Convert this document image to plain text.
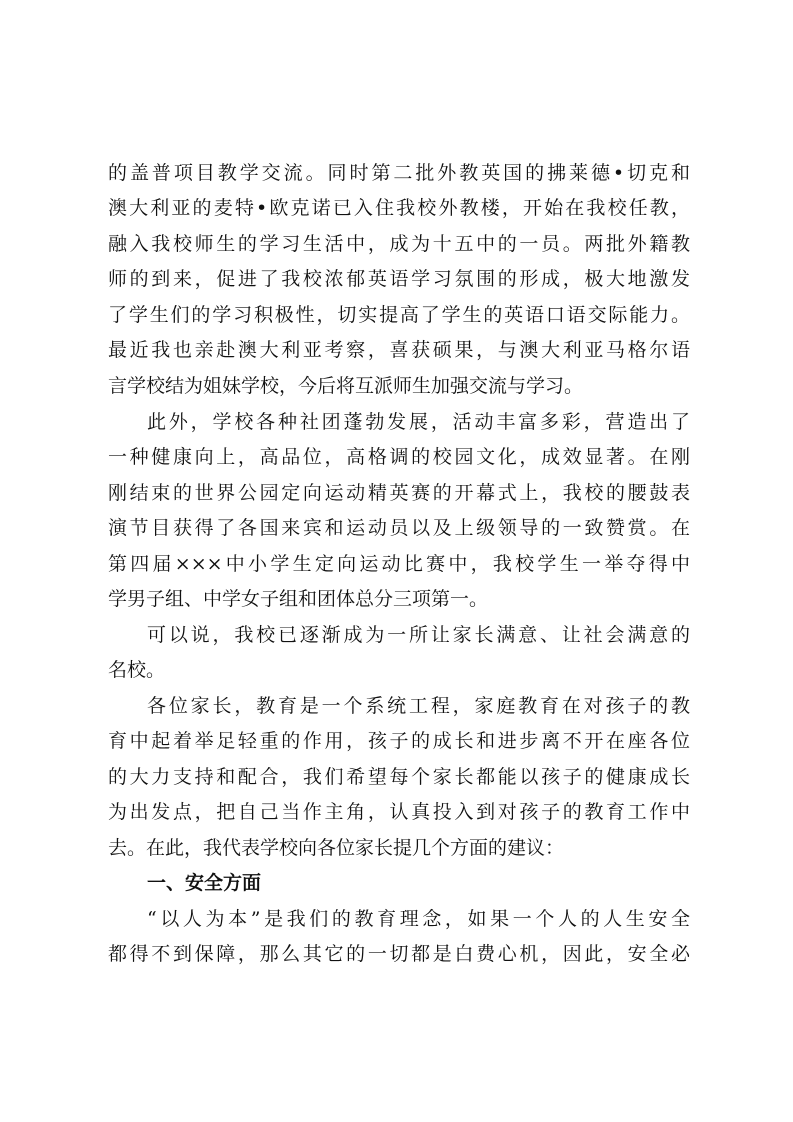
的盖普项目教学交流。同时第二批外教英国的拂莱德•切克和
澳大利亚的麦特•欧克诺已入住我校外教楼，开始在我校任教，
融入我校师生的学习生活中，成为十五中的一员。两批外籍教
师的到来，促进了我校浓郁英语学习氛围的形成，极大地激发
了学生们的学习积极性，切实提高了学生的英语口语交际能力。
最近我也亲赴澳大利亚考察，喜获硕果，与澳大利亚马格尔语
言学校结为姐妹学校，今后将互派师生加强交流与学习。
此外，学校各种社团蓬勃发展，活动丰富多彩，营造出了
一种健康向上，高品位，高格调的校园文化，成效显著。在刚
刚结束的世界公园定向运动精英赛的开幕式上，我校的腰鼓表
演节目获得了各国来宾和运动员以及上级领导的一致赞赏。在
第四届×××中小学生定向运动比赛中，我校学生一举夺得中
学男子组、中学女子组和团体总分三项第一。
可以说，我校已逐渐成为一所让家长满意、让社会满意的
名校。
各位家长，教育是一个系统工程，家庭教育在对孩子的教
育中起着举足轻重的作用，孩子的成长和进步离不开在座各位
的大力支持和配合，我们希望每个家长都能以孩子的健康成长
为出发点，把自己当作主角，认真投入到对孩子的教育工作中
去。在此，我代表学校向各位家长提几个方面的建议：
一、安全方面
“以人为本”是我们的教育理念，如果一个人的人生安全
都得不到保障，那么其它的一切都是白费心机，因此，安全必
